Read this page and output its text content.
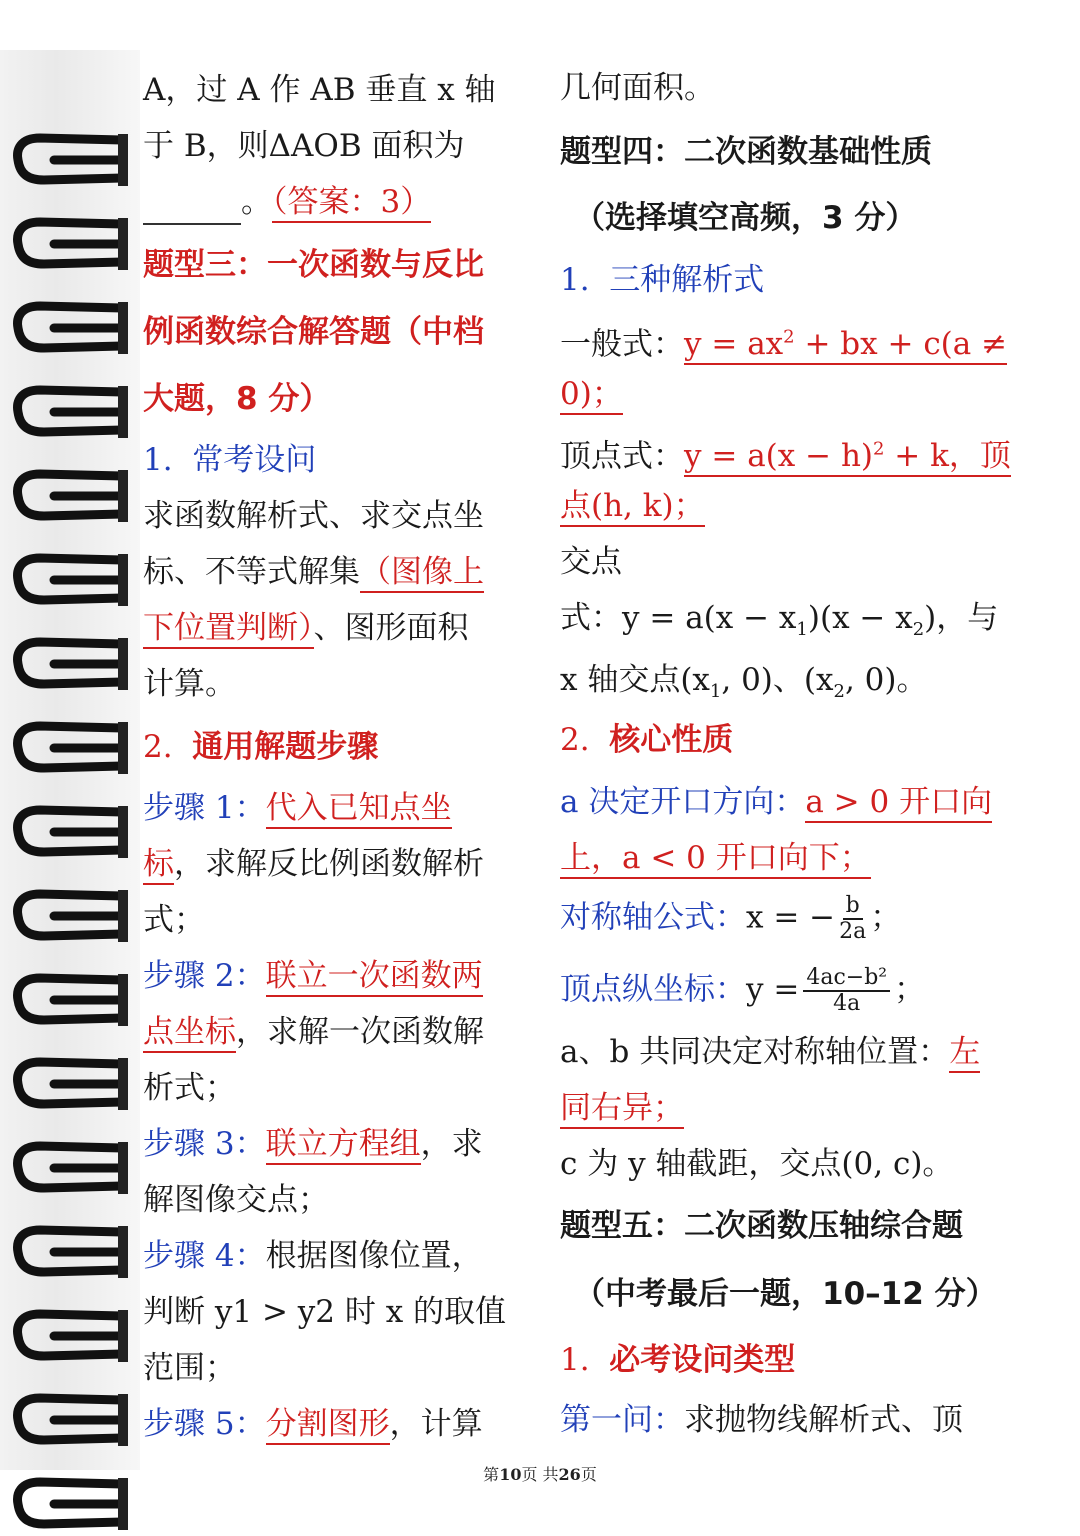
A，过 A 作 AB 垂直 x 轴
于 B，则ΔAOB 面积为
。（答案：3）
题型三：一次函数与反比
例函数综合解答题（中档
大题，8 分）
1. 常考设问
求函数解析式、求交点坐
标、不等式解集（图像上
下位置判断）、图形面积
计算。
2. 通用解题步骤
步骤 1：代入已知点坐
标，求解反比例函数解析
式；
步骤 2：联立一次函数两
点坐标，求解一次函数解
析式；
步骤 3：联立方程组，求
解图像交点；
步骤 4：根据图像位置，
判断 y1 > y2 时 x 的取值
范围；
步骤 5：分割图形，计算
几何面积。
题型四：二次函数基础性质
（选择填空高频，3 分）
1. 三种解析式
一般式：$y = ax^2$ + bx + c(a ≠
0)；
顶点式：$y = a(x - h)^2 + k$，顶
点(h, k)；
交点
式：$y = a(x - x_1)(x - x_2)$，与
x 轴交点($x_1$, 0)、($x_2$, 0)。
2. 核心性质
a 决定开口方向：a > 0 开口向
上，a < 0 开口向下；
对称轴公式：x = − $\frac{b}{2a}$ ；
顶点纵坐标：$y = \frac{\text{4ac−b²}}{4a}$ ；
a、b 共同决定对称轴位置：左
同右异；
c 为 y 轴截距，交点(0, c)。
题型五：二次函数压轴综合题
（中考最后一题，10–12 分）
1. 必考设问类型
第一问：求抛物线解析式、顶
第10页 共26页
